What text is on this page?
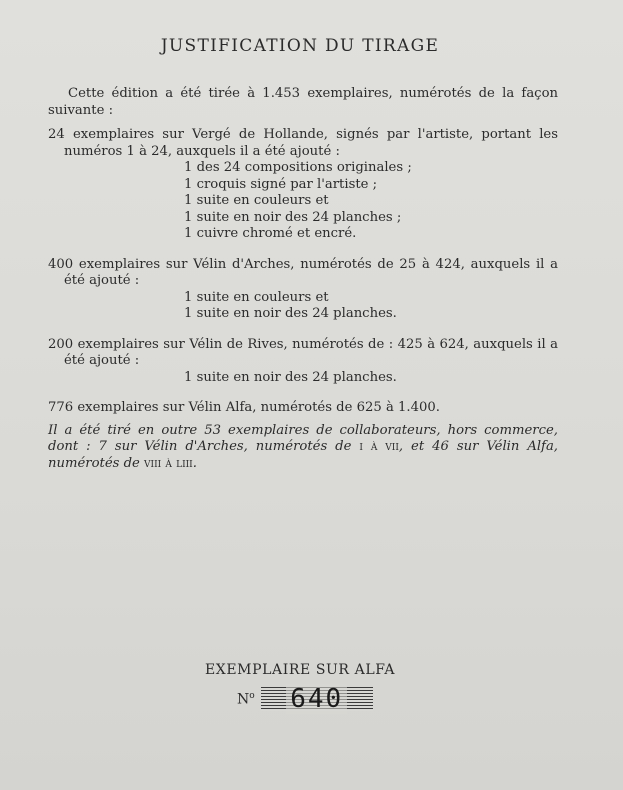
JUSTIFICATION DU TIRAGE

Cette édition a été tirée à 1.453 exemplaires, numérotés de la façon suivante :

24 exemplaires sur Vergé de Hollande, signés par l'artiste, portant les numéros 1 à 24, auxquels il a été ajouté :

1 des 24 compositions originales ;
1 croquis signé par l'artiste ;
1 suite en couleurs et
1 suite en noir des 24 planches ;
1 cuivre chromé et encré.

400 exemplaires sur Vélin d'Arches, numérotés de 25 à 424, auxquels il a été ajouté :

1 suite en couleurs et
1 suite en noir des 24 planches.

200 exemplaires sur Vélin de Rives, numérotés de : 425 à 624, auxquels il a été ajouté :

1 suite en noir des 24 planches.

776 exemplaires sur Vélin Alfa, numérotés de 625 à 1.400.

Il a été tiré en outre 53 exemplaires de collaborateurs, hors commerce, dont : 7 sur Vélin d'Arches, numérotés de i à vii, et 46 sur Vélin Alfa, numérotés de viii à liii.

EXEMPLAIRE SUR ALFA
$N^o$ 640
